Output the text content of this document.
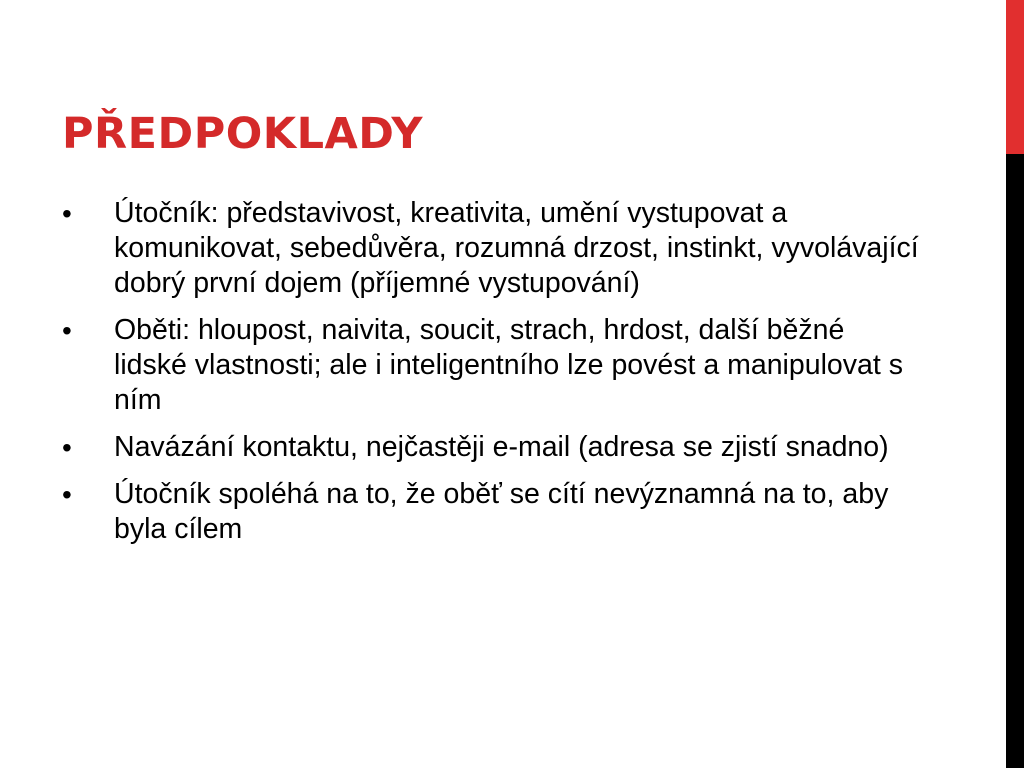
PŘEDPOKLADY
• Útočník: představivost, kreativita, umění vystupovat a komunikovat, sebedůvěra, rozumná drzost, instinkt, vyvolávající dobrý první dojem (příjemné vystupování)
• Oběti: hloupost, naivita, soucit, strach, hrdost, další běžné lidské vlastnosti; ale i inteligentního lze povést a manipulovat s ním
• Navázání kontaktu, nejčastěji e-mail (adresa se zjistí snadno)
• Útočník spoléhá na to, že oběť se cítí nevýznamná na to, aby byla cílem
